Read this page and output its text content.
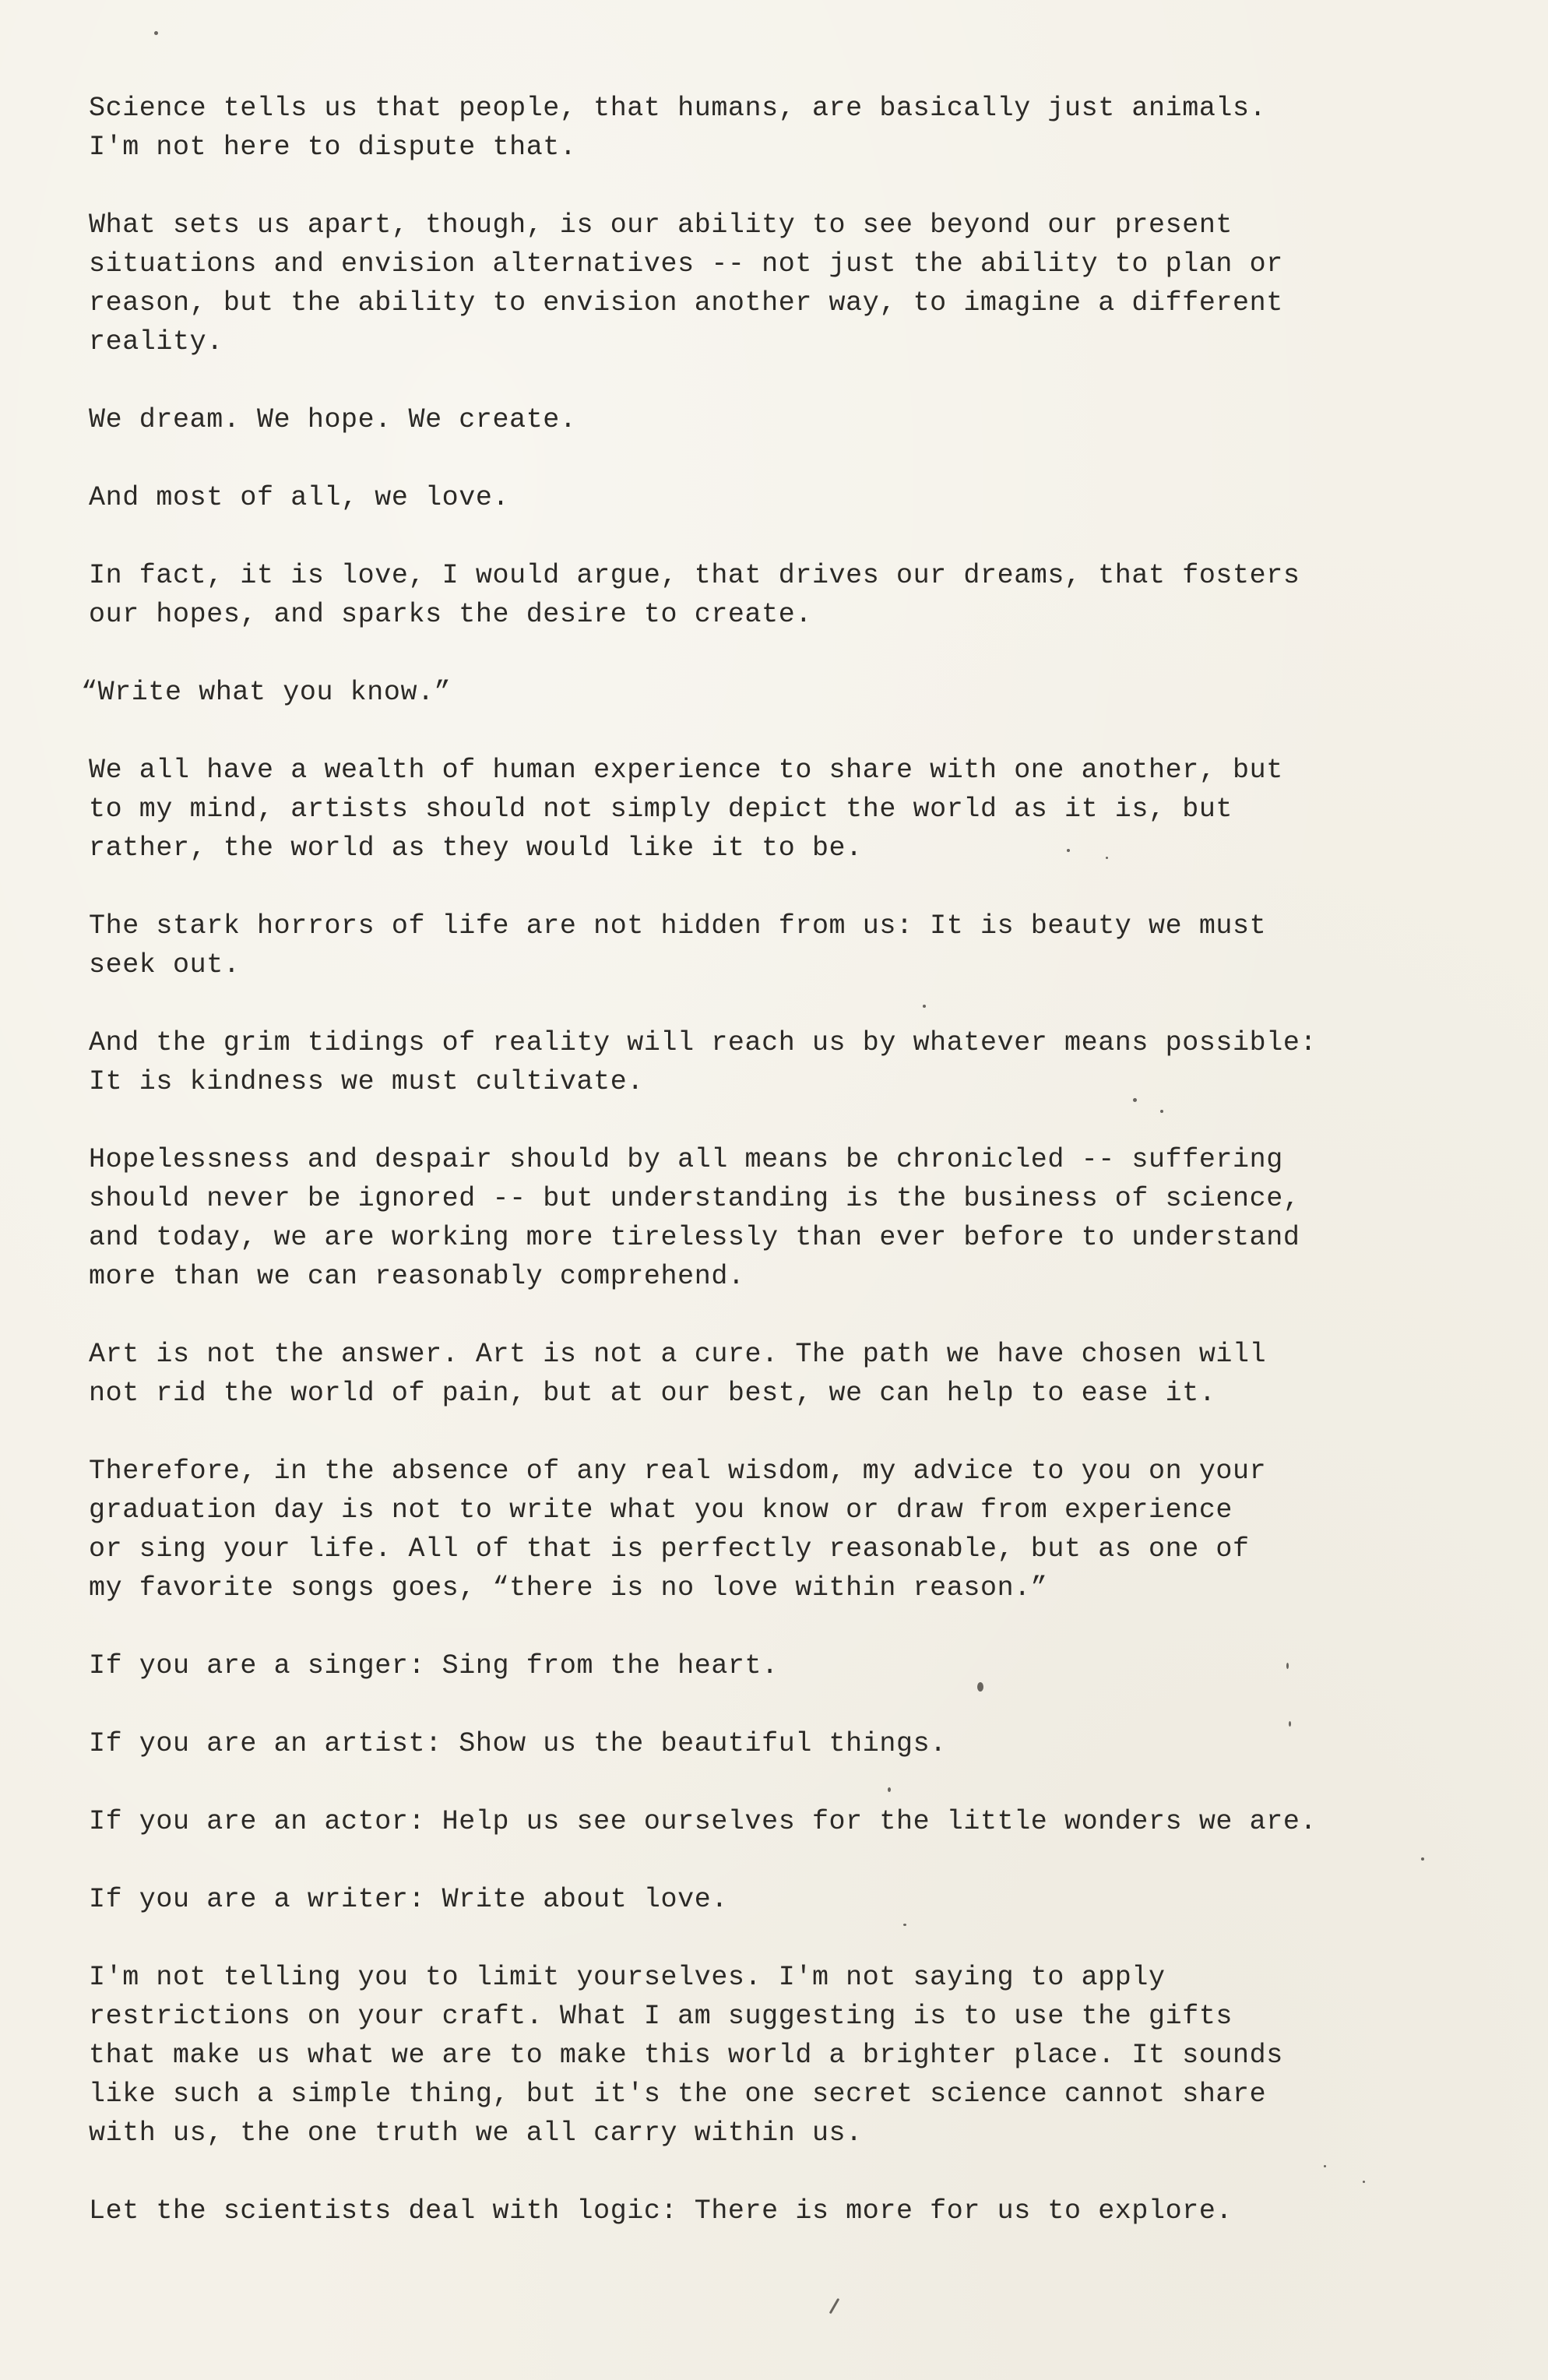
Science tells us that people, that humans, are basically just animals.
I'm not here to dispute that.

What sets us apart, though, is our ability to see beyond our present
situations and envision alternatives -- not just the ability to plan or
reason, but the ability to envision another way, to imagine a different
reality.

We dream. We hope. We create.

And most of all, we love.

In fact, it is love, I would argue, that drives our dreams, that fosters
our hopes, and sparks the desire to create.

“Write what you know.”

We all have a wealth of human experience to share with one another, but
to my mind, artists should not simply depict the world as it is, but
rather, the world as they would like it to be.

The stark horrors of life are not hidden from us: It is beauty we must
seek out.

And the grim tidings of reality will reach us by whatever means possible:
It is kindness we must cultivate.

Hopelessness and despair should by all means be chronicled -- suffering
should never be ignored -- but understanding is the business of science,
and today, we are working more tirelessly than ever before to understand
more than we can reasonably comprehend.

Art is not the answer. Art is not a cure. The path we have chosen will
not rid the world of pain, but at our best, we can help to ease it.

Therefore, in the absence of any real wisdom, my advice to you on your
graduation day is not to write what you know or draw from experience
or sing your life. All of that is perfectly reasonable, but as one of
my favorite songs goes, “there is no love within reason.”

If you are a singer: Sing from the heart.

If you are an artist: Show us the beautiful things.

If you are an actor: Help us see ourselves for the little wonders we are.

If you are a writer: Write about love.

I'm not telling you to limit yourselves. I'm not saying to apply
restrictions on your craft. What I am suggesting is to use the gifts
that make us what we are to make this world a brighter place. It sounds
like such a simple thing, but it's the one secret science cannot share
with us, the one truth we all carry within us.

Let the scientists deal with logic: There is more for us to explore.
